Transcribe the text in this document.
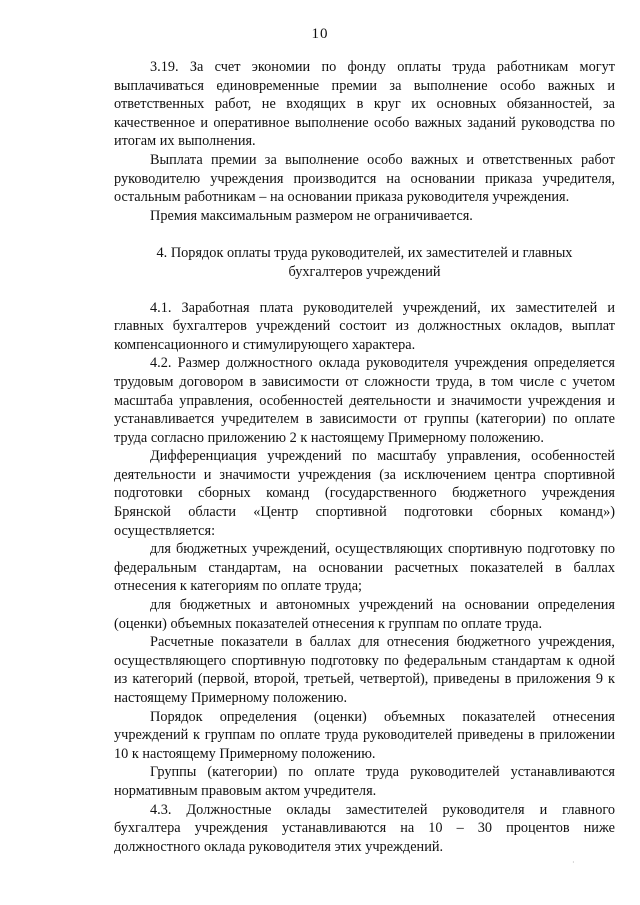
10

3.19. За счет экономии по фонду оплаты труда работникам могут выплачиваться единовременные премии за выполнение особо важных и ответственных работ, не входящих в круг их основных обязанностей, за качественное и оперативное выполнение особо важных заданий руководства по итогам их выполнения.

Выплата премии за выполнение особо важных и ответственных работ руководителю учреждения производится на основании приказа учредителя, остальным работникам – на основании приказа руководителя учреждения.

Премия максимальным размером не ограничивается.

4. Порядок оплаты труда руководителей, их заместителей и главных
бухгалтеров учреждений

4.1. Заработная плата руководителей учреждений, их заместителей и главных бухгалтеров учреждений состоит из должностных окладов, выплат компенсационного и стимулирующего характера.

4.2. Размер должностного оклада руководителя учреждения определяется трудовым договором в зависимости от сложности труда, в том числе с учетом масштаба управления, особенностей деятельности и значимости учреждения и устанавливается учредителем в зависимости от группы (категории) по оплате труда согласно приложению 2 к настоящему Примерному положению.

Дифференциация учреждений по масштабу управления, особенностей деятельности и значимости учреждения (за исключением центра спортивной подготовки сборных команд (государственного бюджетного учреждения Брянской области «Центр спортивной подготовки сборных команд») осуществляется:

для бюджетных учреждений, осуществляющих спортивную подготовку по федеральным стандартам, на основании расчетных показателей в баллах отнесения к категориям по оплате труда;

для бюджетных и автономных учреждений на основании определения (оценки) объемных показателей отнесения к группам по оплате труда.

Расчетные показатели в баллах для отнесения бюджетного учреждения, осуществляющего спортивную подготовку по федеральным стандартам к одной из категорий (первой, второй, третьей, четвертой), приведены в приложения 9 к настоящему Примерному положению.

Порядок определения (оценки) объемных показателей отнесения учреждений к группам по оплате труда руководителей приведены в приложении 10 к настоящему Примерному положению.

Группы (категории) по оплате труда руководителей устанавливаются нормативным правовым актом учредителя.

4.3. Должностные оклады заместителей руководителя и главного бухгалтера учреждения устанавливаются на 10 – 30 процентов ниже должностного оклада руководителя этих учреждений.

·
